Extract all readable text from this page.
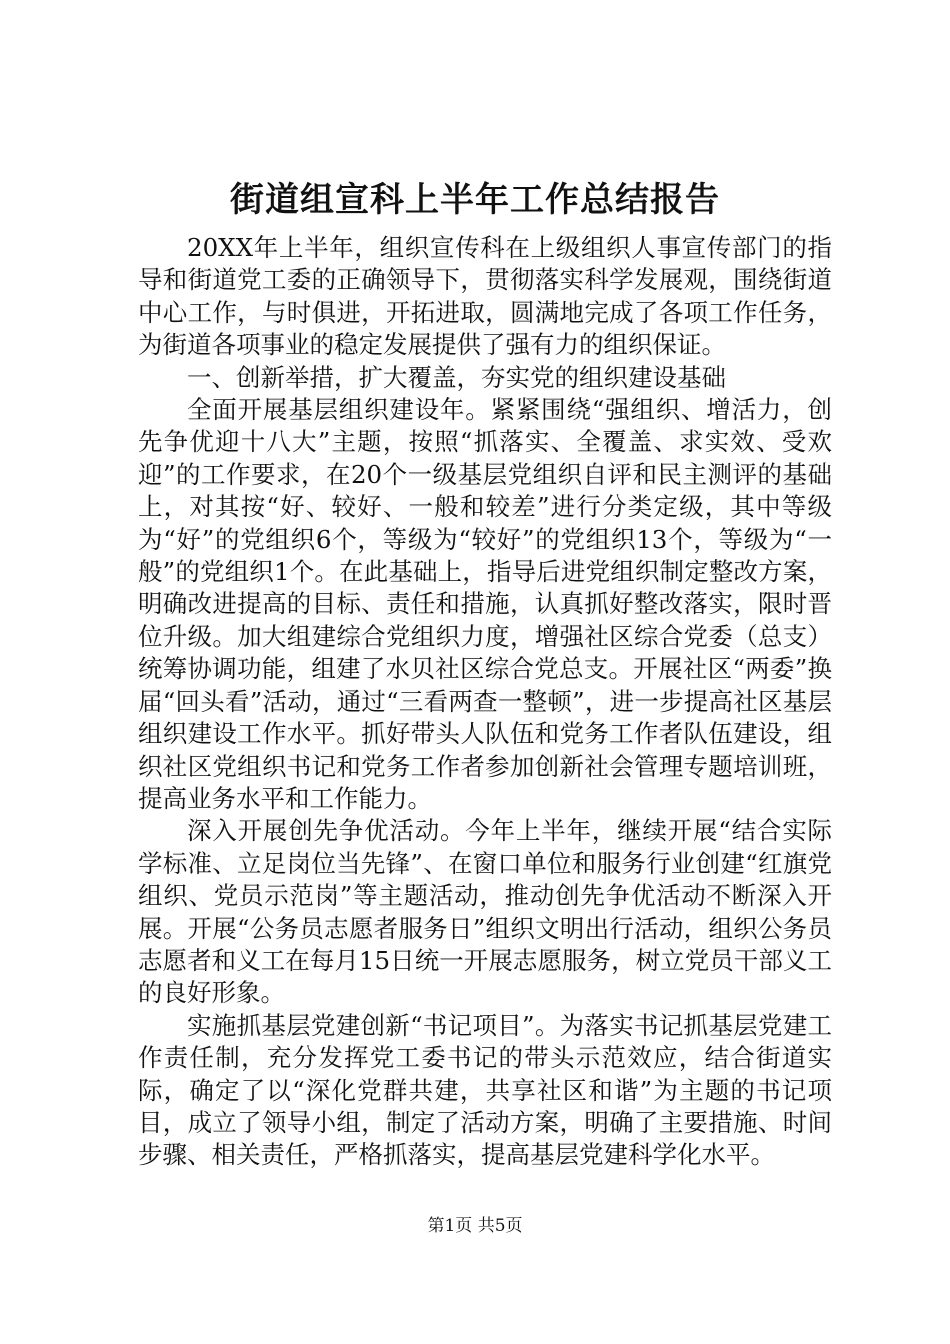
街道组宣科上半年工作总结报告

20XX年上半年，组织宣传科在上级组织人事宣传部门的指导和街道党工委的正确领导下，贯彻落实科学发展观，围绕街道中心工作，与时俱进，开拓进取，圆满地完成了各项工作任务，为街道各项事业的稳定发展提供了强有力的组织保证。

一、创新举措，扩大覆盖，夯实党的组织建设基础

全面开展基层组织建设年。紧紧围绕“强组织、增活力，创先争优迎十八大”主题，按照“抓落实、全覆盖、求实效、受欢迎”的工作要求，在20个一级基层党组织自评和民主测评的基础上，对其按“好、较好、一般和较差”进行分类定级，其中等级为“好”的党组织6个，等级为“较好”的党组织13个，等级为“一般”的党组织1个。在此基础上，指导后进党组织制定整改方案，明确改进提高的目标、责任和措施，认真抓好整改落实，限时晋位升级。加大组建综合党组织力度，增强社区综合党委（总支）统筹协调功能，组建了水贝社区综合党总支。开展社区“两委”换届“回头看”活动，通过“三看两查一整顿”，进一步提高社区基层组织建设工作水平。抓好带头人队伍和党务工作者队伍建设，组织社区党组织书记和党务工作者参加创新社会管理专题培训班，提高业务水平和工作能力。

深入开展创先争优活动。今年上半年，继续开展“结合实际学标准、立足岗位当先锋”、在窗口单位和服务行业创建“红旗党组织、党员示范岗”等主题活动，推动创先争优活动不断深入开展。开展“公务员志愿者服务日”组织文明出行活动，组织公务员志愿者和义工在每月15日统一开展志愿服务，树立党员干部义工的良好形象。

实施抓基层党建创新“书记项目”。为落实书记抓基层党建工作责任制，充分发挥党工委书记的带头示范效应，结合街道实际，确定了以“深化党群共建，共享社区和谐”为主题的书记项目，成立了领导小组，制定了活动方案，明确了主要措施、时间步骤、相关责任，严格抓落实，提高基层党建科学化水平。

第1页 共5页
